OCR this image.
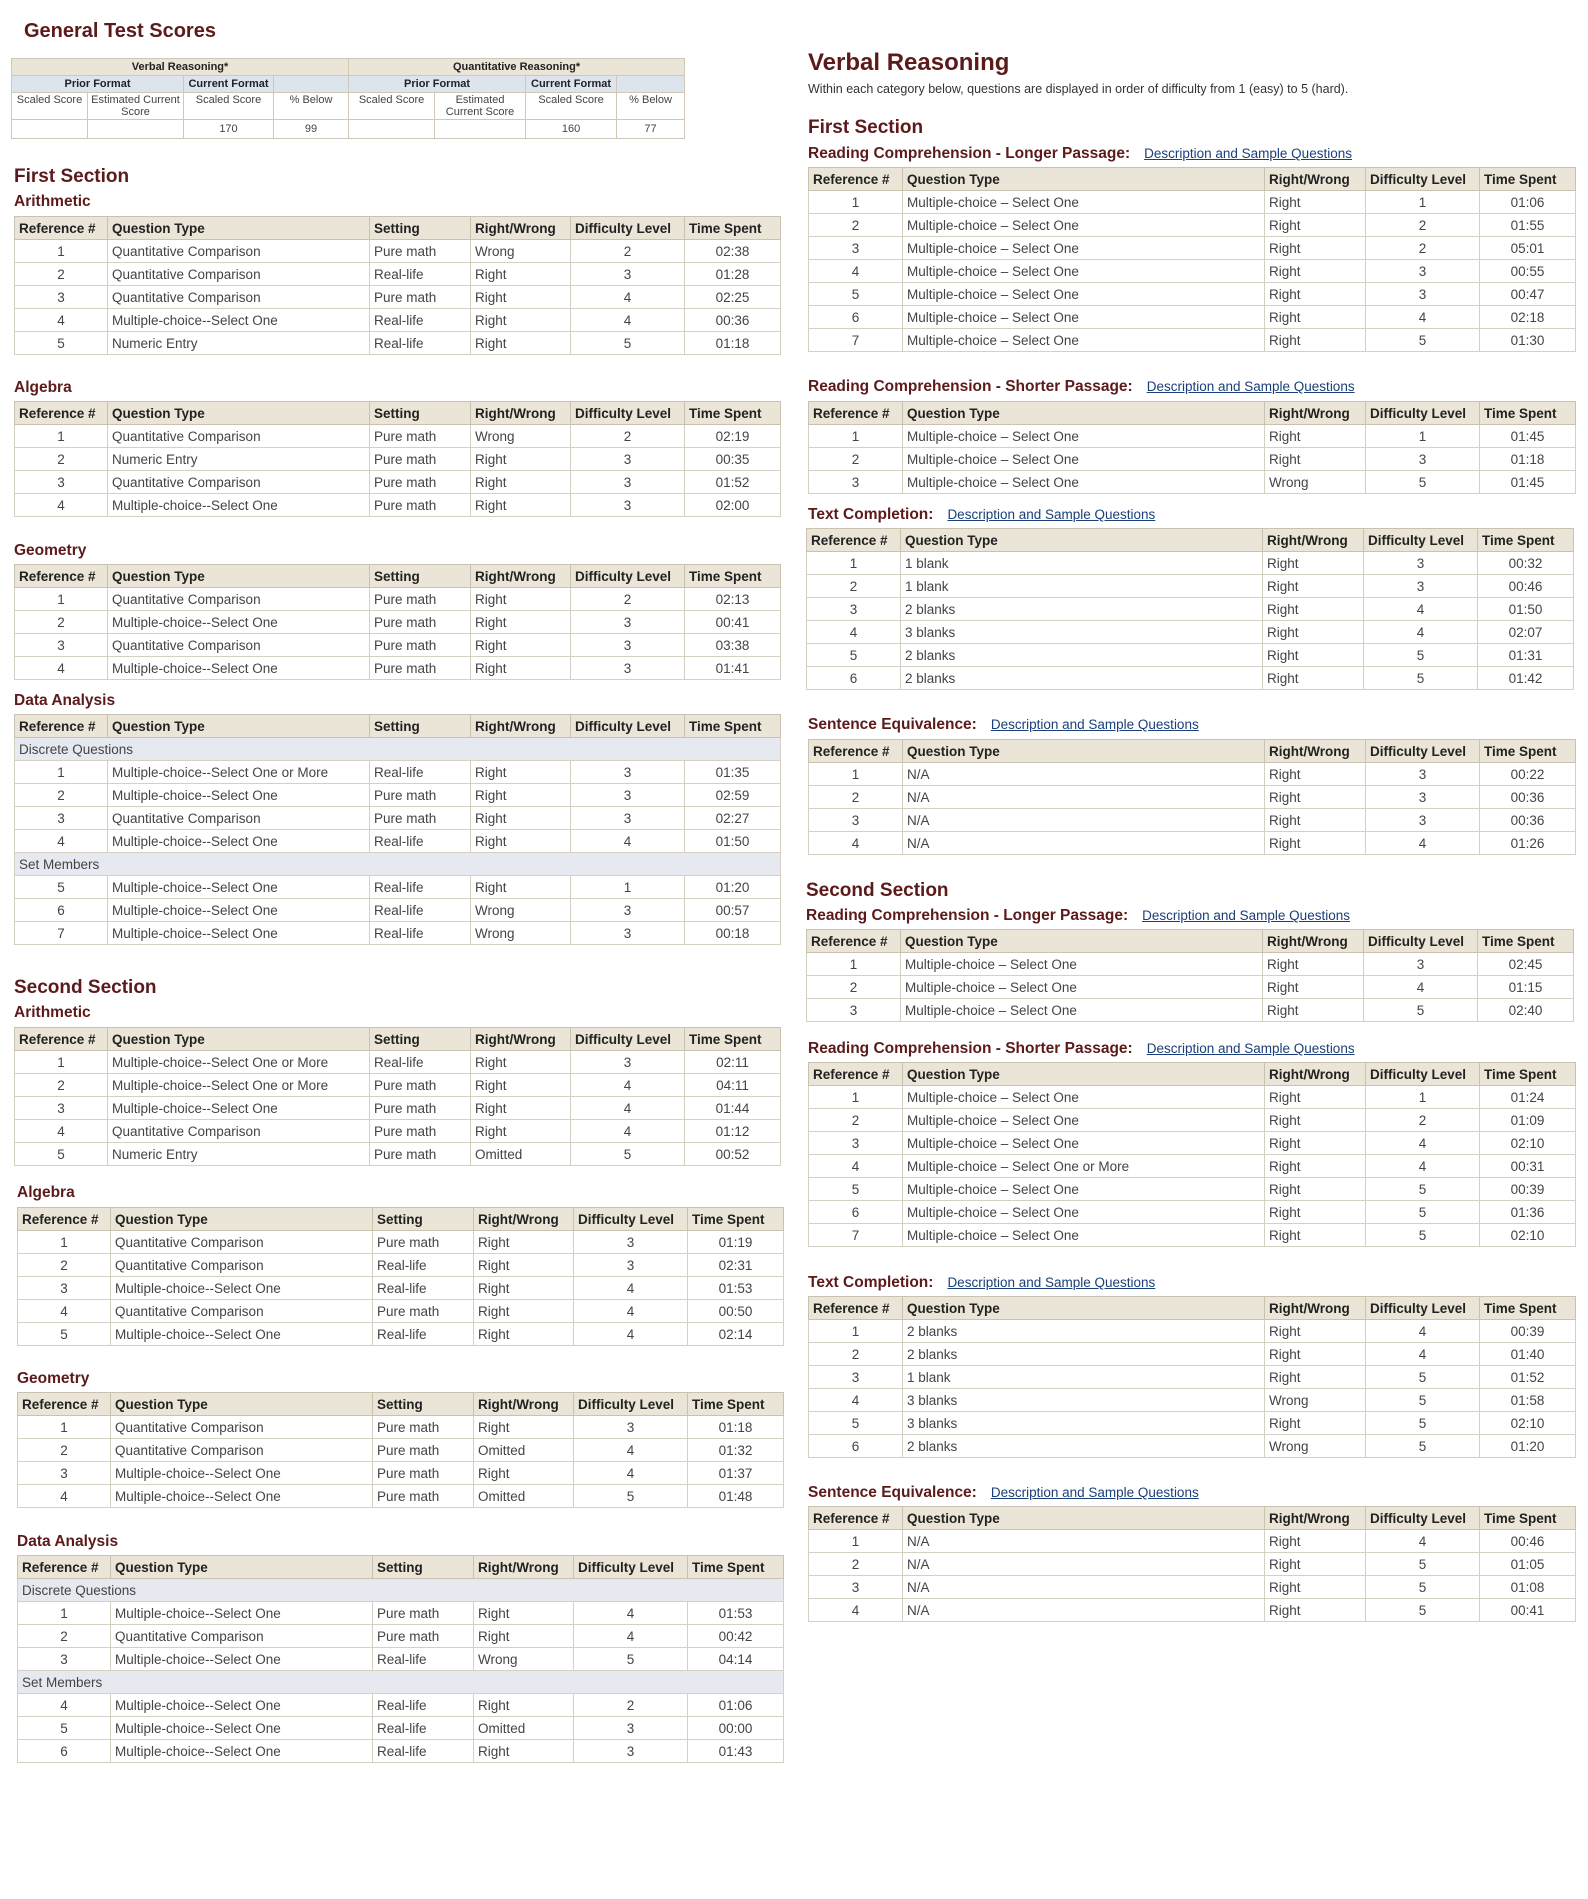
General Test Scores
Verbal Reasoning*				Quantitative Reasoning*			
Prior Format		Current Format		Prior Format		Current Format	
Scaled Score	Estimated Current Score	Scaled Score	% Below	Scaled Score	Estimated Current Score	Scaled Score	% Below
		170	99			160	77
Verbal Reasoning
Within each category below, questions are displayed in order of difficulty from 1 (easy) to 5 (hard).
First Section
Arithmetic
Reference #	Question Type	Setting	Right/Wrong	Difficulty Level	Time Spent
1	Quantitative Comparison	Pure math	Wrong	2	02:38
2	Quantitative Comparison	Real-life	Right	3	01:28
3	Quantitative Comparison	Pure math	Right	4	02:25
4	Multiple-choice--Select One	Real-life	Right	4	00:36
5	Numeric Entry	Real-life	Right	5	01:18
Algebra
Reference #	Question Type	Setting	Right/Wrong	Difficulty Level	Time Spent
1	Quantitative Comparison	Pure math	Wrong	2	02:19
2	Numeric Entry	Pure math	Right	3	00:35
3	Quantitative Comparison	Pure math	Right	3	01:52
4	Multiple-choice--Select One	Pure math	Right	3	02:00
Geometry
Reference #	Question Type	Setting	Right/Wrong	Difficulty Level	Time Spent
1	Quantitative Comparison	Pure math	Right	2	02:13
2	Multiple-choice--Select One	Pure math	Right	3	00:41
3	Quantitative Comparison	Pure math	Right	3	03:38
4	Multiple-choice--Select One	Pure math	Right	3	01:41
Data Analysis
Reference #	Question Type	Setting	Right/Wrong	Difficulty Level	Time Spent
Discrete Questions					
1	Multiple-choice--Select One or More	Real-life	Right	3	01:35
2	Multiple-choice--Select One	Pure math	Right	3	02:59
3	Quantitative Comparison	Pure math	Right	3	02:27
4	Multiple-choice--Select One	Real-life	Right	4	01:50
Set Members					
5	Multiple-choice--Select One	Real-life	Right	1	01:20
6	Multiple-choice--Select One	Real-life	Wrong	3	00:57
7	Multiple-choice--Select One	Real-life	Wrong	3	00:18
Second Section
Arithmetic
Reference #	Question Type	Setting	Right/Wrong	Difficulty Level	Time Spent
1	Multiple-choice--Select One or More	Real-life	Right	3	02:11
2	Multiple-choice--Select One or More	Pure math	Right	4	04:11
3	Multiple-choice--Select One	Pure math	Right	4	01:44
4	Quantitative Comparison	Pure math	Right	4	01:12
5	Numeric Entry	Pure math	Omitted	5	00:52
Algebra
Reference #	Question Type	Setting	Right/Wrong	Difficulty Level	Time Spent
1	Quantitative Comparison	Pure math	Right	3	01:19
2	Quantitative Comparison	Real-life	Right	3	02:31
3	Multiple-choice--Select One	Real-life	Right	4	01:53
4	Quantitative Comparison	Pure math	Right	4	00:50
5	Multiple-choice--Select One	Real-life	Right	4	02:14
Geometry
Reference #	Question Type	Setting	Right/Wrong	Difficulty Level	Time Spent
1	Quantitative Comparison	Pure math	Right	3	01:18
2	Quantitative Comparison	Pure math	Omitted	4	01:32
3	Multiple-choice--Select One	Pure math	Right	4	01:37
4	Multiple-choice--Select One	Pure math	Omitted	5	01:48
Data Analysis
Reference #	Question Type	Setting	Right/Wrong	Difficulty Level	Time Spent
Discrete Questions					
1	Multiple-choice--Select One	Pure math	Right	4	01:53
2	Quantitative Comparison	Pure math	Right	4	00:42
3	Multiple-choice--Select One	Real-life	Wrong	5	04:14
Set Members					
4	Multiple-choice--Select One	Real-life	Right	2	01:06
5	Multiple-choice--Select One	Real-life	Omitted	3	00:00
6	Multiple-choice--Select One	Real-life	Right	3	01:43
First Section
Reading Comprehension - Longer Passage: Description and Sample Questions
Reference #	Question Type	Right/Wrong	Difficulty Level	Time Spent
1	Multiple-choice – Select One	Right	1	01:06
2	Multiple-choice – Select One	Right	2	01:55
3	Multiple-choice – Select One	Right	2	05:01
4	Multiple-choice – Select One	Right	3	00:55
5	Multiple-choice – Select One	Right	3	00:47
6	Multiple-choice – Select One	Right	4	02:18
7	Multiple-choice – Select One	Right	5	01:30
Reading Comprehension - Shorter Passage: Description and Sample Questions
Reference #	Question Type	Right/Wrong	Difficulty Level	Time Spent
1	Multiple-choice – Select One	Right	1	01:45
2	Multiple-choice – Select One	Right	3	01:18
3	Multiple-choice – Select One	Wrong	5	01:45
Text Completion: Description and Sample Questions
Reference #	Question Type	Right/Wrong	Difficulty Level	Time Spent
1	1 blank	Right	3	00:32
2	1 blank	Right	3	00:46
3	2 blanks	Right	4	01:50
4	3 blanks	Right	4	02:07
5	2 blanks	Right	5	01:31
6	2 blanks	Right	5	01:42
Sentence Equivalence: Description and Sample Questions
Reference #	Question Type	Right/Wrong	Difficulty Level	Time Spent
1	N/A	Right	3	00:22
2	N/A	Right	3	00:36
3	N/A	Right	3	00:36
4	N/A	Right	4	01:26
Second Section
Reading Comprehension - Longer Passage: Description and Sample Questions
Reference #	Question Type	Right/Wrong	Difficulty Level	Time Spent
1	Multiple-choice – Select One	Right	3	02:45
2	Multiple-choice – Select One	Right	4	01:15
3	Multiple-choice – Select One	Right	5	02:40
Reading Comprehension - Shorter Passage: Description and Sample Questions
Reference #	Question Type	Right/Wrong	Difficulty Level	Time Spent
1	Multiple-choice – Select One	Right	1	01:24
2	Multiple-choice – Select One	Right	2	01:09
3	Multiple-choice – Select One	Right	4	02:10
4	Multiple-choice – Select One or More	Right	4	00:31
5	Multiple-choice – Select One	Right	5	00:39
6	Multiple-choice – Select One	Right	5	01:36
7	Multiple-choice – Select One	Right	5	02:10
Text Completion: Description and Sample Questions
Reference #	Question Type	Right/Wrong	Difficulty Level	Time Spent
1	2 blanks	Right	4	00:39
2	2 blanks	Right	4	01:40
3	1 blank	Right	5	01:52
4	3 blanks	Wrong	5	01:58
5	3 blanks	Right	5	02:10
6	2 blanks	Wrong	5	01:20
Sentence Equivalence: Description and Sample Questions
Reference #	Question Type	Right/Wrong	Difficulty Level	Time Spent
1	N/A	Right	4	00:46
2	N/A	Right	5	01:05
3	N/A	Right	5	01:08
4	N/A	Right	5	00:41
